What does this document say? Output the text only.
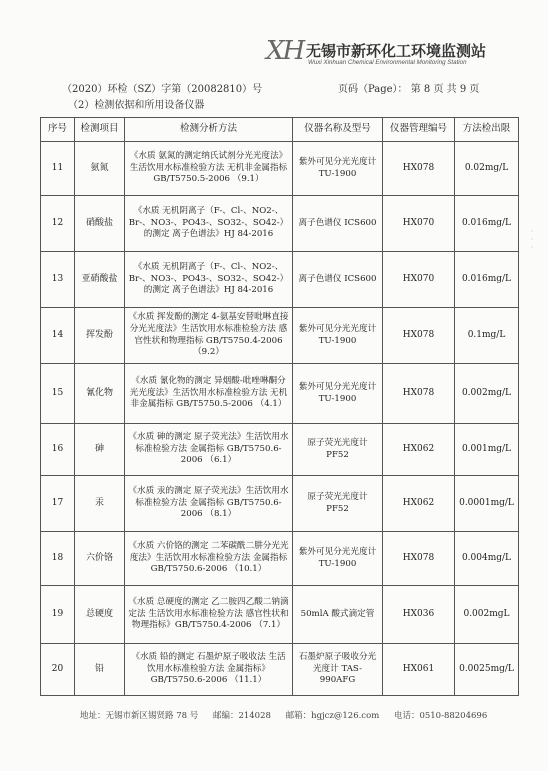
XH 无锡市新环化工环境监测站
Wuxi Xinhuan Chemical Environmental Monitoring Station
（2020）环检（SZ）字第（20082810）号	页码（Page）： 第 8 页 共 9 页
（2）检测依据和所用设备仪器
序号	检测项目	检测分析方法	仪器名称及型号	仪器管理编号	方法检出限
11	氨氮	《水质 氨氮的测定纳氏试剂分光光度法》生活饮用水标准检验方法 无机非金属指标 GB/T5750.5-2006 （9.1）	紫外可见分光光度计 TU-1900	HX078	0.02mg/L
12	硝酸盐	《水质 无机阴离子（F-、Cl-、NO2-、Br-、NO3-、PO43-、SO32-、SO42-）的测定 离子色谱法》HJ 84-2016	离子色谱仪 ICS600	HX070	0.016mg/L
13	亚硝酸盐	《水质 无机阴离子（F-、Cl-、NO2-、Br-、NO3-、PO43-、SO32-、SO42-）的测定 离子色谱法》HJ 84-2016	离子色谱仪 ICS600	HX070	0.016mg/L
14	挥发酚	《水质 挥发酚的测定 4-氨基安替吡啉直接分光光度法》生活饮用水标准检验方法 感官性状和物理指标 GB/T5750.4-2006 （9.2）	紫外可见分光光度计 TU-1900	HX078	0.1mg/L
15	氰化物	《水质 氰化物的测定 异烟酸-吡唑啉酮分光光度法》生活饮用水标准检验方法 无机非金属指标 GB/T5750.5-2006 （4.1）	紫外可见分光光度计 TU-1900	HX078	0.002mg/L
16	砷	《水质 砷的测定 原子荧光法》生活饮用水标准检验方法 金属指标 GB/T5750.6-2006 （6.1）	原子荧光光度计 PF52	HX062	0.001mg/L
17	汞	《水质 汞的测定 原子荧光法》生活饮用水标准检验方法 金属指标 GB/T5750.6-2006 （8.1）	原子荧光光度计 PF52	HX062	0.0001mg/L
18	六价铬	《水质 六价铬的测定 二苯碳酰二肼分光光度法》生活饮用水标准检验方法 金属指标 GB/T5750.6-2006 （10.1）	紫外可见分光光度计 TU-1900	HX078	0.004mg/L
19	总硬度	《水质 总硬度的测定 乙二胺四乙酸二钠滴定法 生活饮用水标准检验方法 感官性状和物理指标》GB/T5750.4-2006 （7.1）	50mlA 酸式滴定管	HX036	0.002mgL
20	铅	《水质 铅的测定 石墨炉原子吸收法 生活饮用水标准检验方法 金属指标》GB/T5750.6-2006 （11.1）	石墨炉原子吸收分光光度计 TAS-990AFG	HX061	0.0025mg/L
· · ·
地址：无锡市新区锡贤路 78 号 邮编：214028 邮箱：hgjcz@126.com 电话：0510-88204696
